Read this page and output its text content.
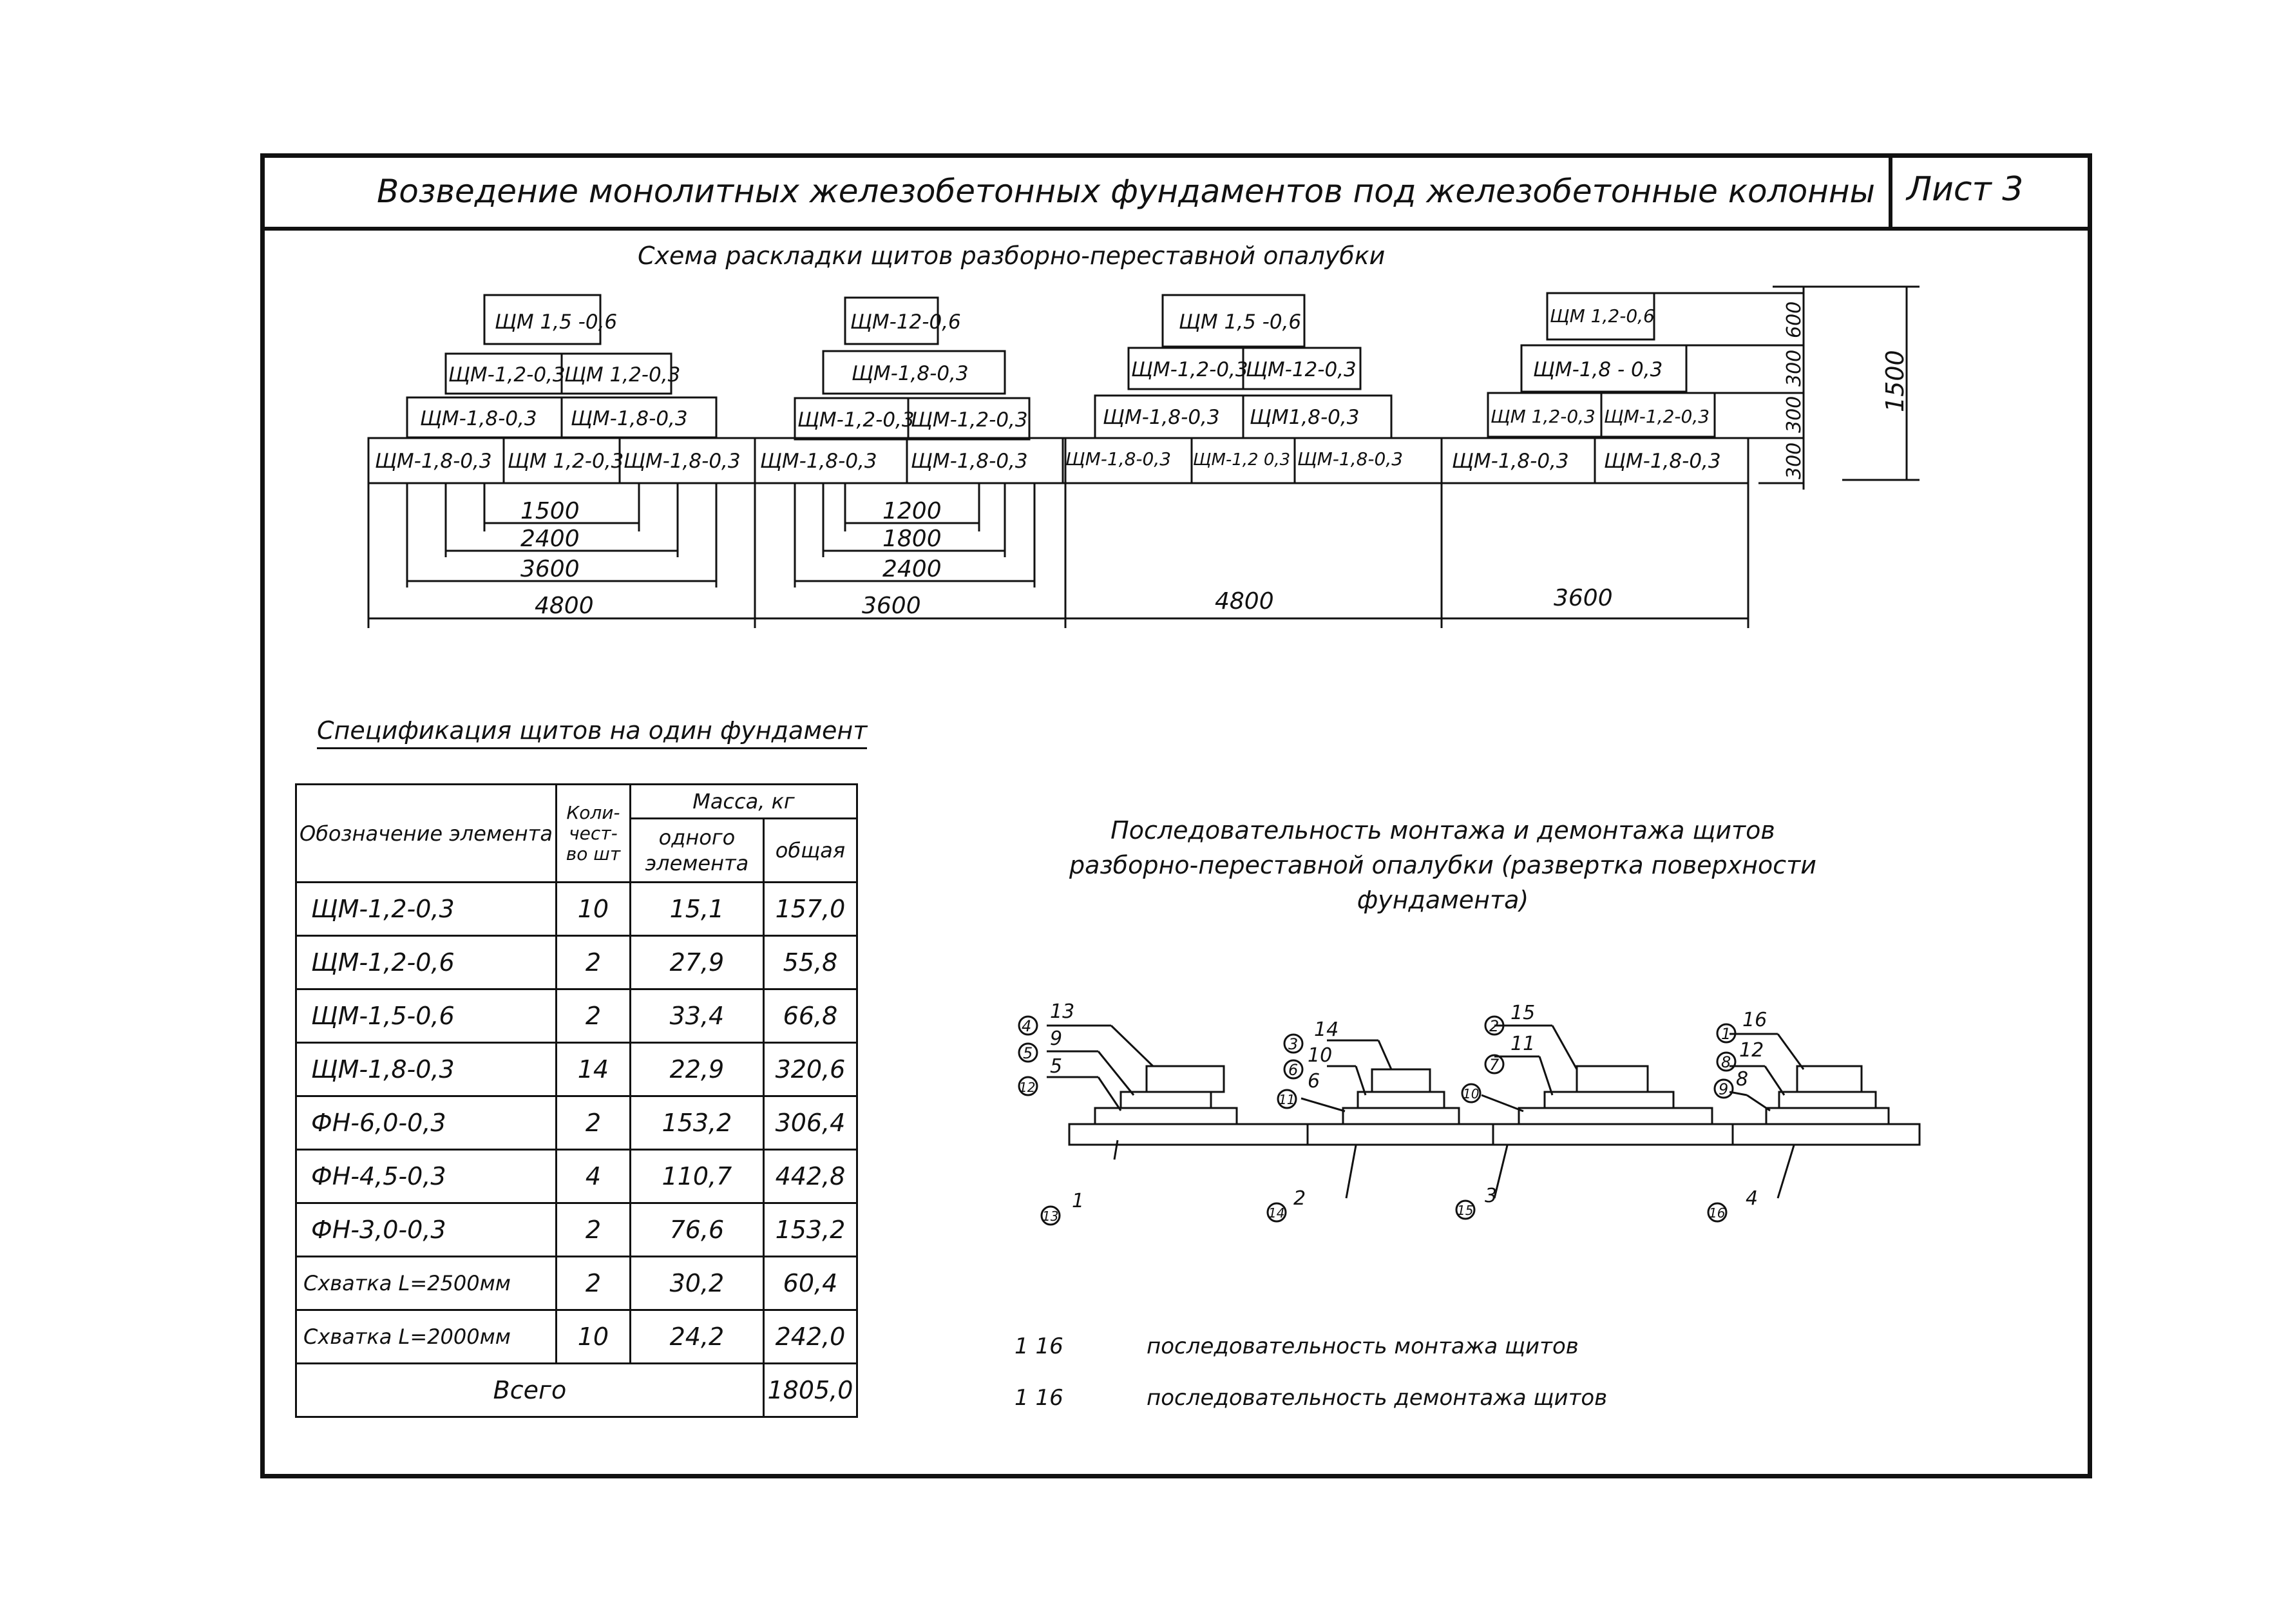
Возведение монолитных железобетонных фундаментов под железобетонные колонны Лист 3
Схема раскладки щитов разборно-переставной опалубки
ЩМ 1,5 -0,6
ЩМ-1,2-0,3
ЩМ 1,2-0,3
ЩМ-1,8-0,3 ЩМ-1,8-0,3
ЩМ-1,8-0,3 ЩМ 1,2-0,3 ЩМ-1,8-0,3
ЩМ-12-0,6
ЩМ-1,8-0,3
ЩМ-1,2-0,3
ЩМ-1,2-0,3
ЩМ-1,8-0,3 ЩМ-1,8-0,3
ЩМ 1,5 -0,6
ЩМ-1,2-0,3
ЩМ-12-0,3
ЩМ-1,8-0,3 ЩМ1,8-0,3
ЩМ-1,8-0,3 ЩМ-1,2 0,3 ЩМ-1,8-0,3
ЩМ 1,2-0,6
ЩМ-1,8 - 0,3
ЩМ 1,2-0,3 ЩМ-1,2-0,3
ЩМ-1,8-0,3 ЩМ-1,8-0,3
1500
2400
3600
4800
1200
1800
2400
3600	4800	3600
600
300
300
300
1500
4
13
5
9
12
5
13
1
3
14
6
10
11
6
14
2
2
15
7
11
10
15
3
1
16
8
12
9 8
16
4
Спецификация щитов на один фундамент
Обозначение элемента	Коли-чест-во шт	Масса, кг	
		одного элемента	общая
ЩМ-1,2-0,3	10	15,1	157,0
ЩМ-1,2-0,6	2	27,9	55,8
ЩМ-1,5-0,6	2	33,4	66,8
ЩМ-1,8-0,3	14	22,9	320,6
ФН-6,0-0,3	2	153,2	306,4
ФН-4,5-0,3	4	110,7	442,8
ФН-3,0-0,3	2	76,6	153,2
Схватка L=2500мм	2	30,2	60,4
Схватка L=2000мм	10	24,2	242,0
Всего			1805,0
Последовательность монтажа и демонтажа щитов разборно-переставной опалубки (развертка поверхности фундамента)
1 16	последовательность монтажа щитов
1 16	последовательность демонтажа щитов
